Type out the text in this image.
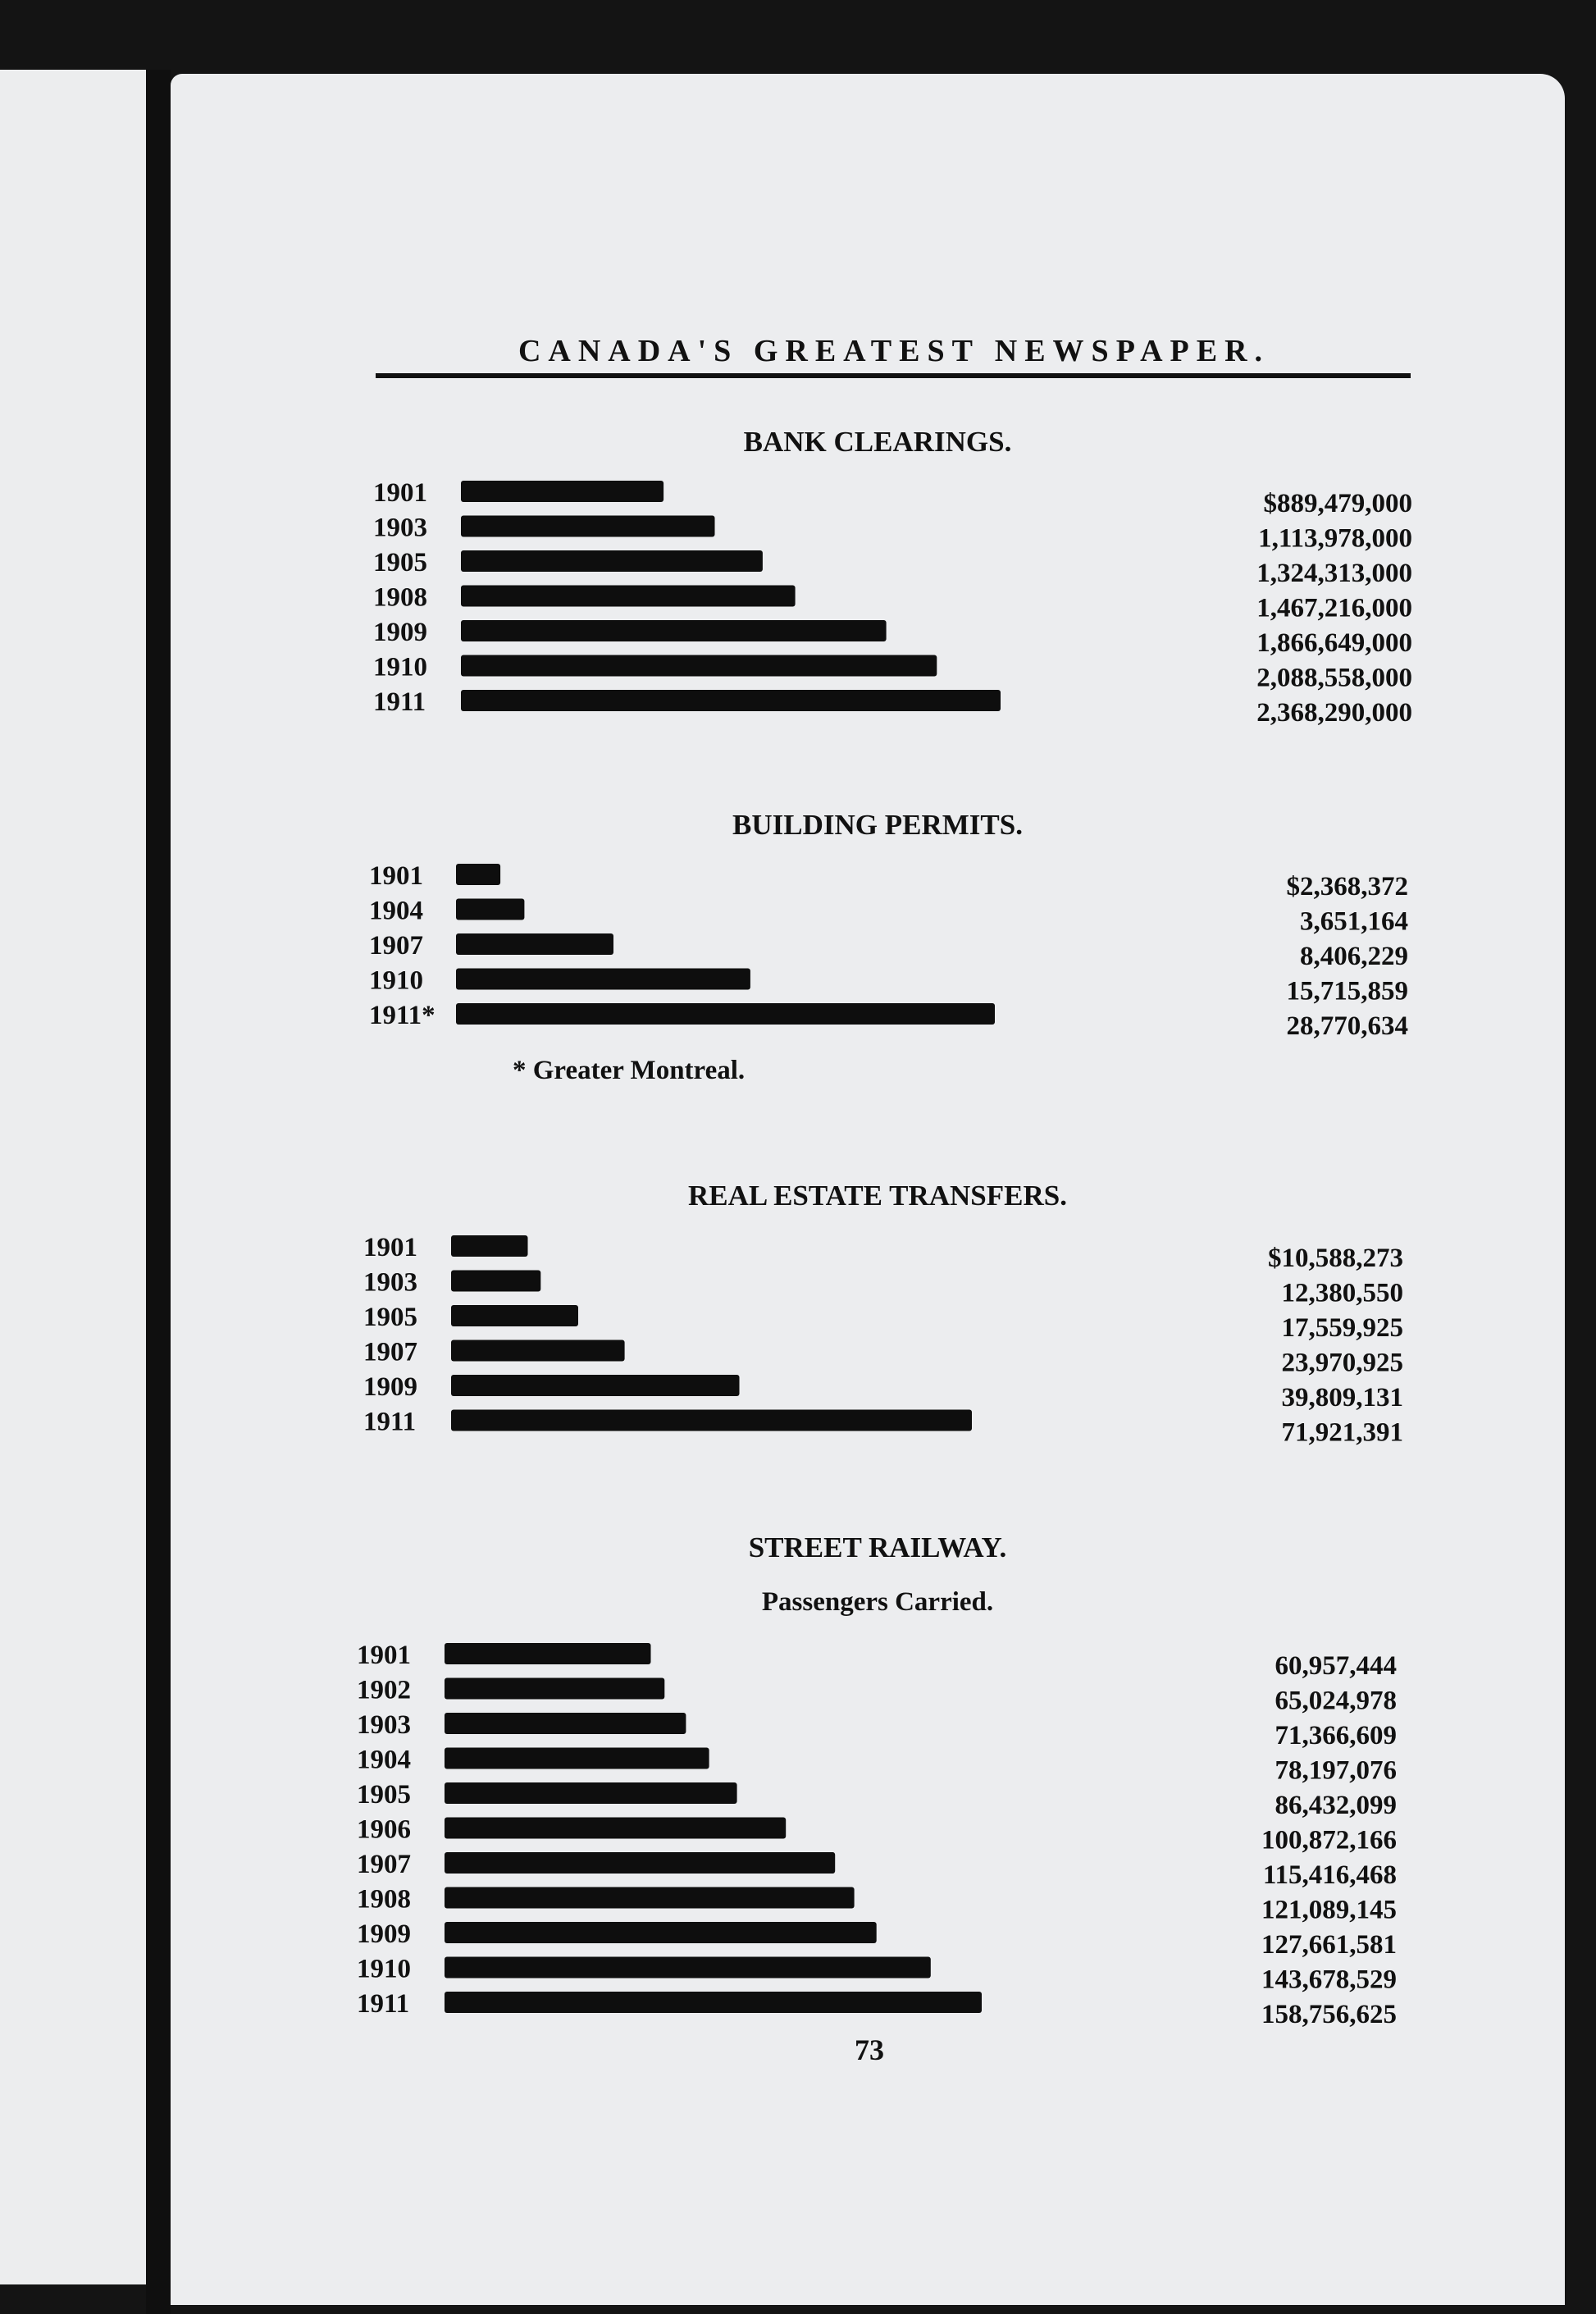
CANADA'S GREATEST NEWSPAPER.
BANK CLEARINGS.
1901	$889,479,000
1903	1,113,978,000
1905	1,324,313,000
1908	1,467,216,000
1909	1,866,649,000
1910	2,088,558,000
1911	2,368,290,000
BUILDING PERMITS.
1901	$2,368,372
1904	3,651,164
1907	8,406,229
1910	15,715,859
1911*	28,770,634
* Greater Montreal.
REAL ESTATE TRANSFERS.
1901	$10,588,273
1903	12,380,550
1905	17,559,925
1907	23,970,925
1909	39,809,131
1911	71,921,391
STREET RAILWAY.
Passengers Carried.
1901	60,957,444
1902	65,024,978
1903	71,366,609
1904	78,197,076
1905	86,432,099
1906	100,872,166
1907	115,416,468
1908	121,089,145
1909	127,661,581
1910	143,678,529
1911	158,756,625
73
